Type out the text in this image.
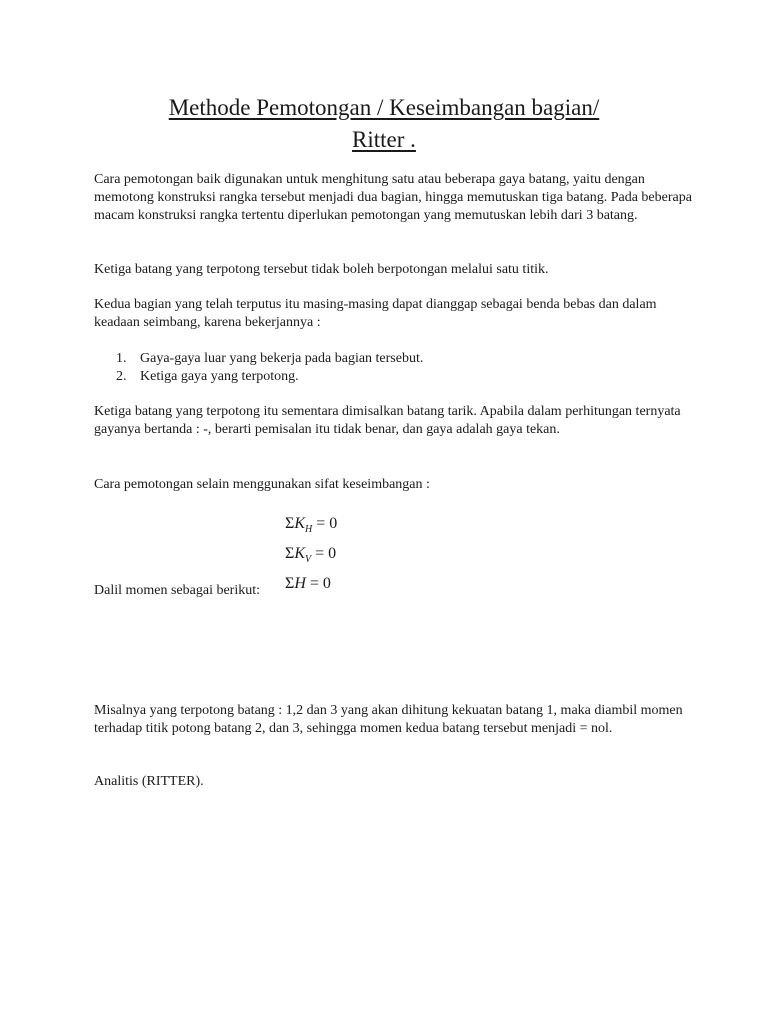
Methode Pemotongan / Keseimbangan bagian/
Ritter .

Cara pemotongan baik digunakan untuk menghitung satu atau beberapa gaya batang, yaitu dengan memotong konstruksi rangka tersebut menjadi dua bagian, hingga memutuskan tiga batang. Pada beberapa macam konstruksi rangka tertentu diperlukan pemotongan yang memutuskan lebih dari 3 batang.

Ketiga batang yang terpotong tersebut tidak boleh berpotongan melalui satu titik.

Kedua bagian yang telah terputus itu masing-masing dapat dianggap sebagai benda bebas dan dalam keadaan seimbang, karena bekerjannya :

1. Gaya-gaya luar yang bekerja pada bagian tersebut.
2. Ketiga gaya yang terpotong.

Ketiga batang yang terpotong itu sementara dimisalkan batang tarik. Apabila dalam perhitungan ternyata gayanya bertanda : -, berarti pemisalan itu tidak benar, dan gaya adalah gaya tekan.

Cara pemotongan selain menggunakan sifat keseimbangan :

$\Sigma K_H = 0$
$\Sigma K_V = 0$
ΣH = 0

Dalil momen sebagai berikut:

Misalnya yang terpotong batang : 1,2 dan 3 yang akan dihitung kekuatan batang 1, maka diambil momen terhadap titik potong batang 2, dan 3, sehingga momen kedua batang tersebut menjadi = nol.

Analitis (RITTER).
